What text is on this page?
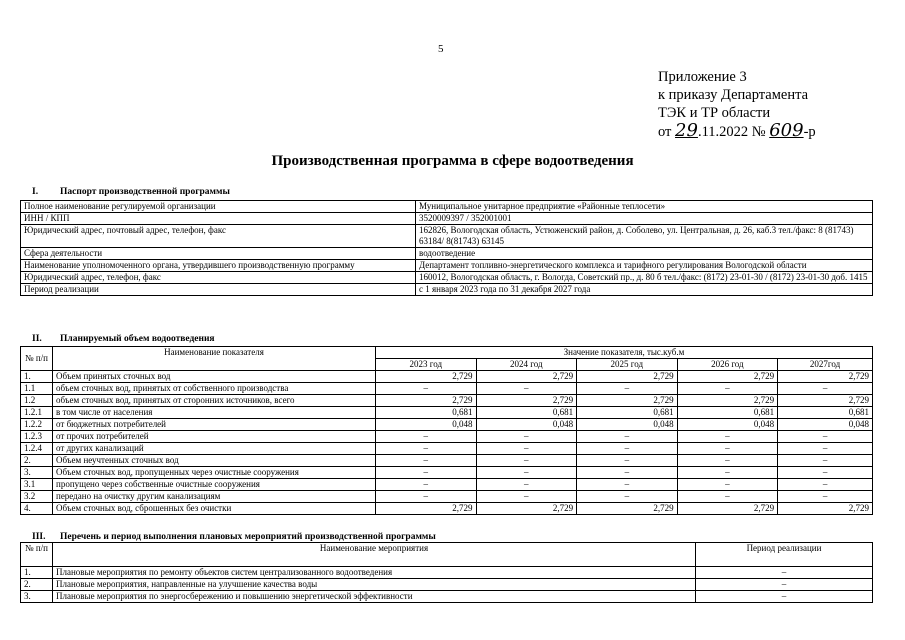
5
Приложение 3
к приказу Департамента
ТЭК и ТР области
от 29.11.2022 № 609-р
Производственная программа в сфере водоотведения
I. Паспорт производственной программы
Полное наименование регулируемой организации	Муниципальное унитарное предприятие «Районные теплосети»
ИНН / КПП	3520009397 / 352001001
Юридический адрес, почтовый адрес, телефон, факс	162826, Вологодская область, Устюженский район, д. Соболево, ул. Центральная, д. 26, каб.3 тел./факс: 8 (81743) 63184/ 8(81743) 63145
Сфера деятельности	водоотведение
Наименование уполномоченного органа, утвердившего производственную программу	Департамент топливно-энергетического комплекса и тарифного регулирования Вологодской области
Юридический адрес, телефон, факс	160012, Вологодская область, г. Вологда, Советский пр., д. 80 б тел./факс: (8172) 23-01-30 / (8172) 23-01-30 доб. 1415
Период реализации	с 1 января 2023 года по 31 декабря 2027 года
II. Планируемый объем водоотведения
№ п/п	Наименование показателя	Значение показателя, тыс.куб.м				
		2023 год	2024 год	2025 год	2026 год	2027год
1.	Объем принятых сточных вод	2,729	2,729	2,729	2,729	2,729
1.1	объем сточных вод, принятых от собственного производства	–	–	–	–	–
1.2	объем сточных вод, принятых от сторонних источников, всего	2,729	2,729	2,729	2,729	2,729
1.2.1	в том числе от населения	0,681	0,681	0,681	0,681	0,681
1.2.2	от бюджетных потребителей	0,048	0,048	0,048	0,048	0,048
1.2.3	от прочих потребителей	–	–	–	–	–
1.2.4	от других канализаций	–	–	–	–	–
2.	Объем неучтенных сточных вод	–	–	–	–	–
3.	Объем сточных вод, пропущенных через очистные сооружения	–	–	–	–	–
3.1	пропущено через собственные очистные сооружения	–	–	–	–	–
3.2	передано на очистку другим канализациям	–	–	–	–	–
4.	Объем сточных вод, сброшенных без очистки	2,729	2,729	2,729	2,729	2,729
III. Перечень и период выполнения плановых мероприятий производственной программы
№ п/п	Наименование мероприятия	Период реализации
1.	Плановые мероприятия по ремонту объектов систем централизованного водоотведения	–
2.	Плановые мероприятия, направленные на улучшение качества воды	–
3.	Плановые мероприятия по энергосбережению и повышению энергетической эффективности	–
